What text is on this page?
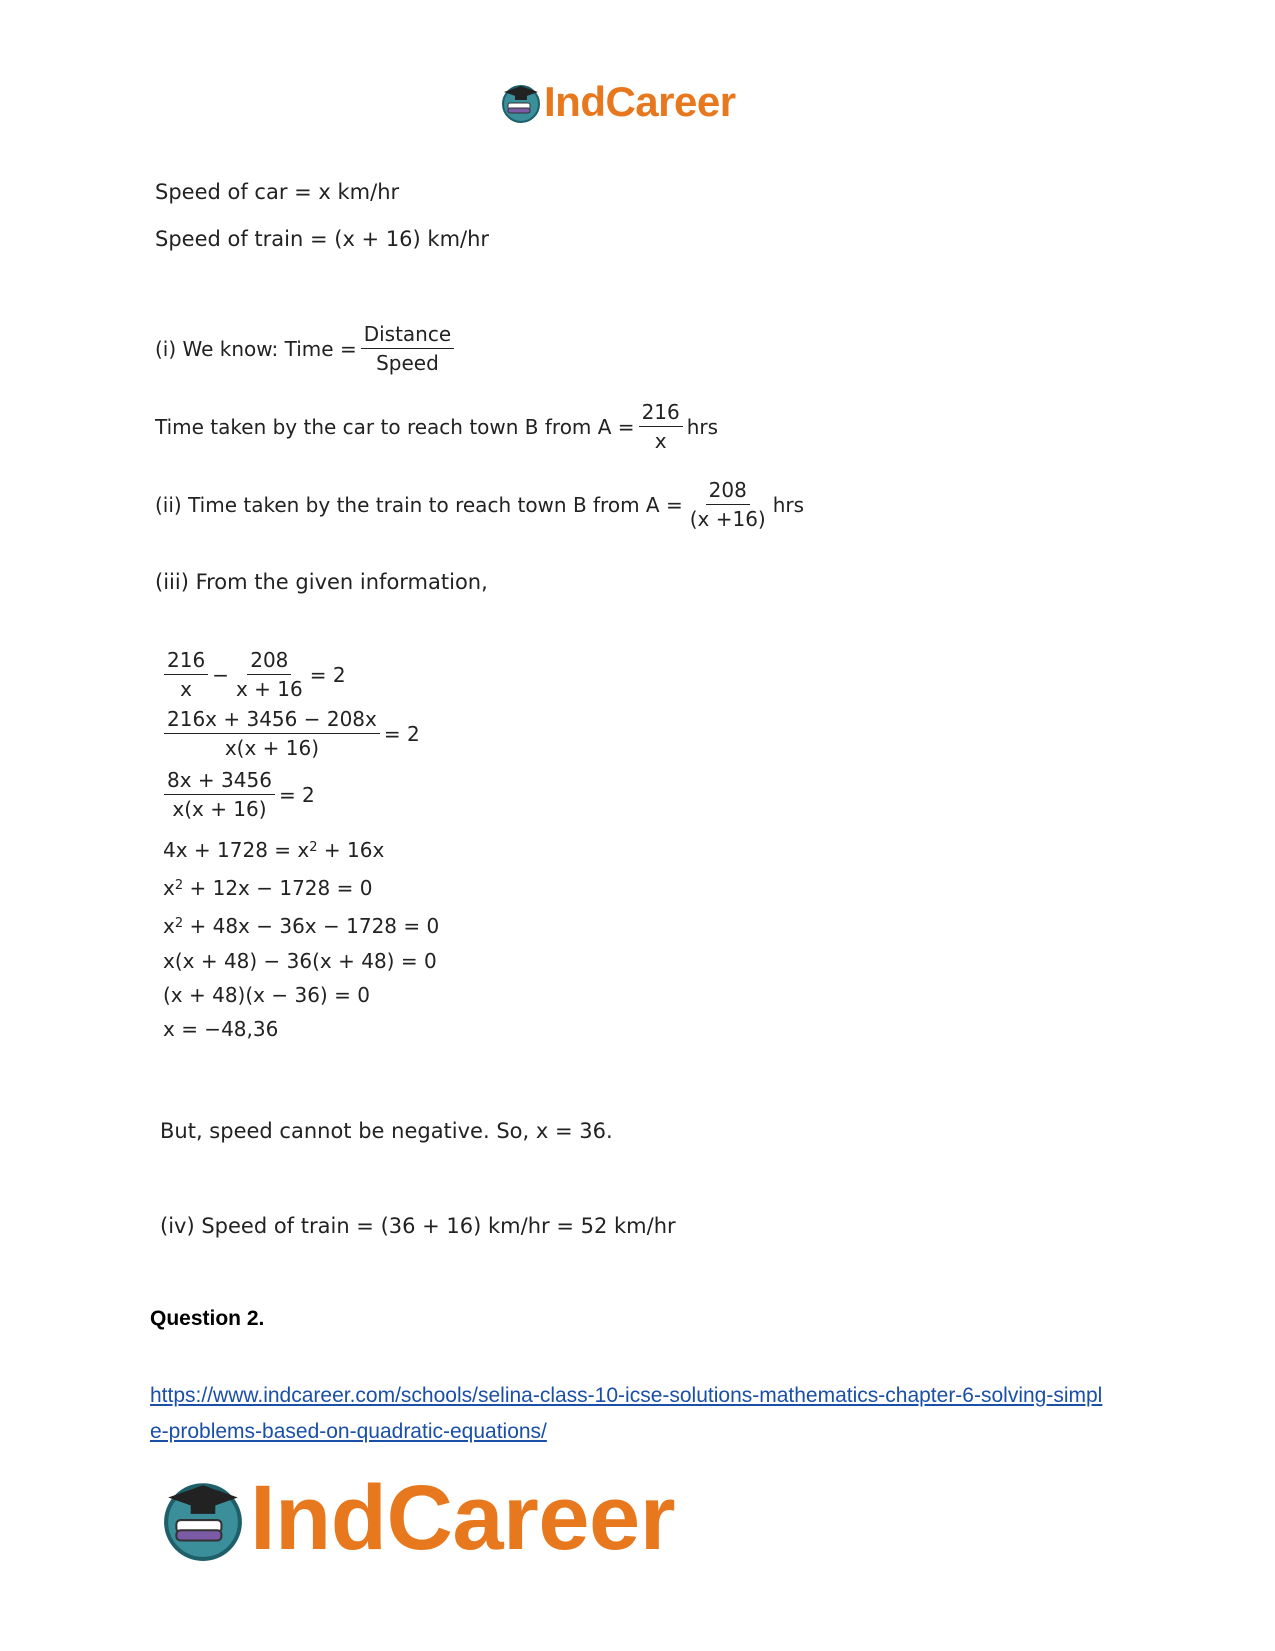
IndCareer
Speed of car = x km/hr
Speed of train = (x + 16) km/hr
(i) We know: Time = $\frac{\text{Distance}}{\text{Speed}}$
Time taken by the car to reach town B from $A = \frac{216}{x}$ hrs
(ii) Time taken by the train to reach town B from $A = \frac{208}{(x +16)}$ hrs
(iii) From the given information,
$\frac{216}{x} - \frac{208}{x + 16} = 2$
$\frac{216x + 3456 - 208x}{x(x + 16)} = 2$
$\frac{8x + 3456}{x(x + 16)} = 2$
$4x + 1728 = x^2 + 16x$
$x^2 + 12x - 1728 = 0$
$x^2 + 48x - 36x - 1728 = 0$
x(x + 48) − 36(x + 48) = 0
(x + 48)(x − 36) = 0
x = −48,36
But, speed cannot be negative. So, x = 36.
(iv) Speed of train = (36 + 16) km/hr = 52 km/hr
Question 2.
https://www.indcareer.com/schools/selina-class-10-icse-solutions-mathematics-chapter-6-solving-simple-problems-based-on-quadratic-equations/
IndCareer
